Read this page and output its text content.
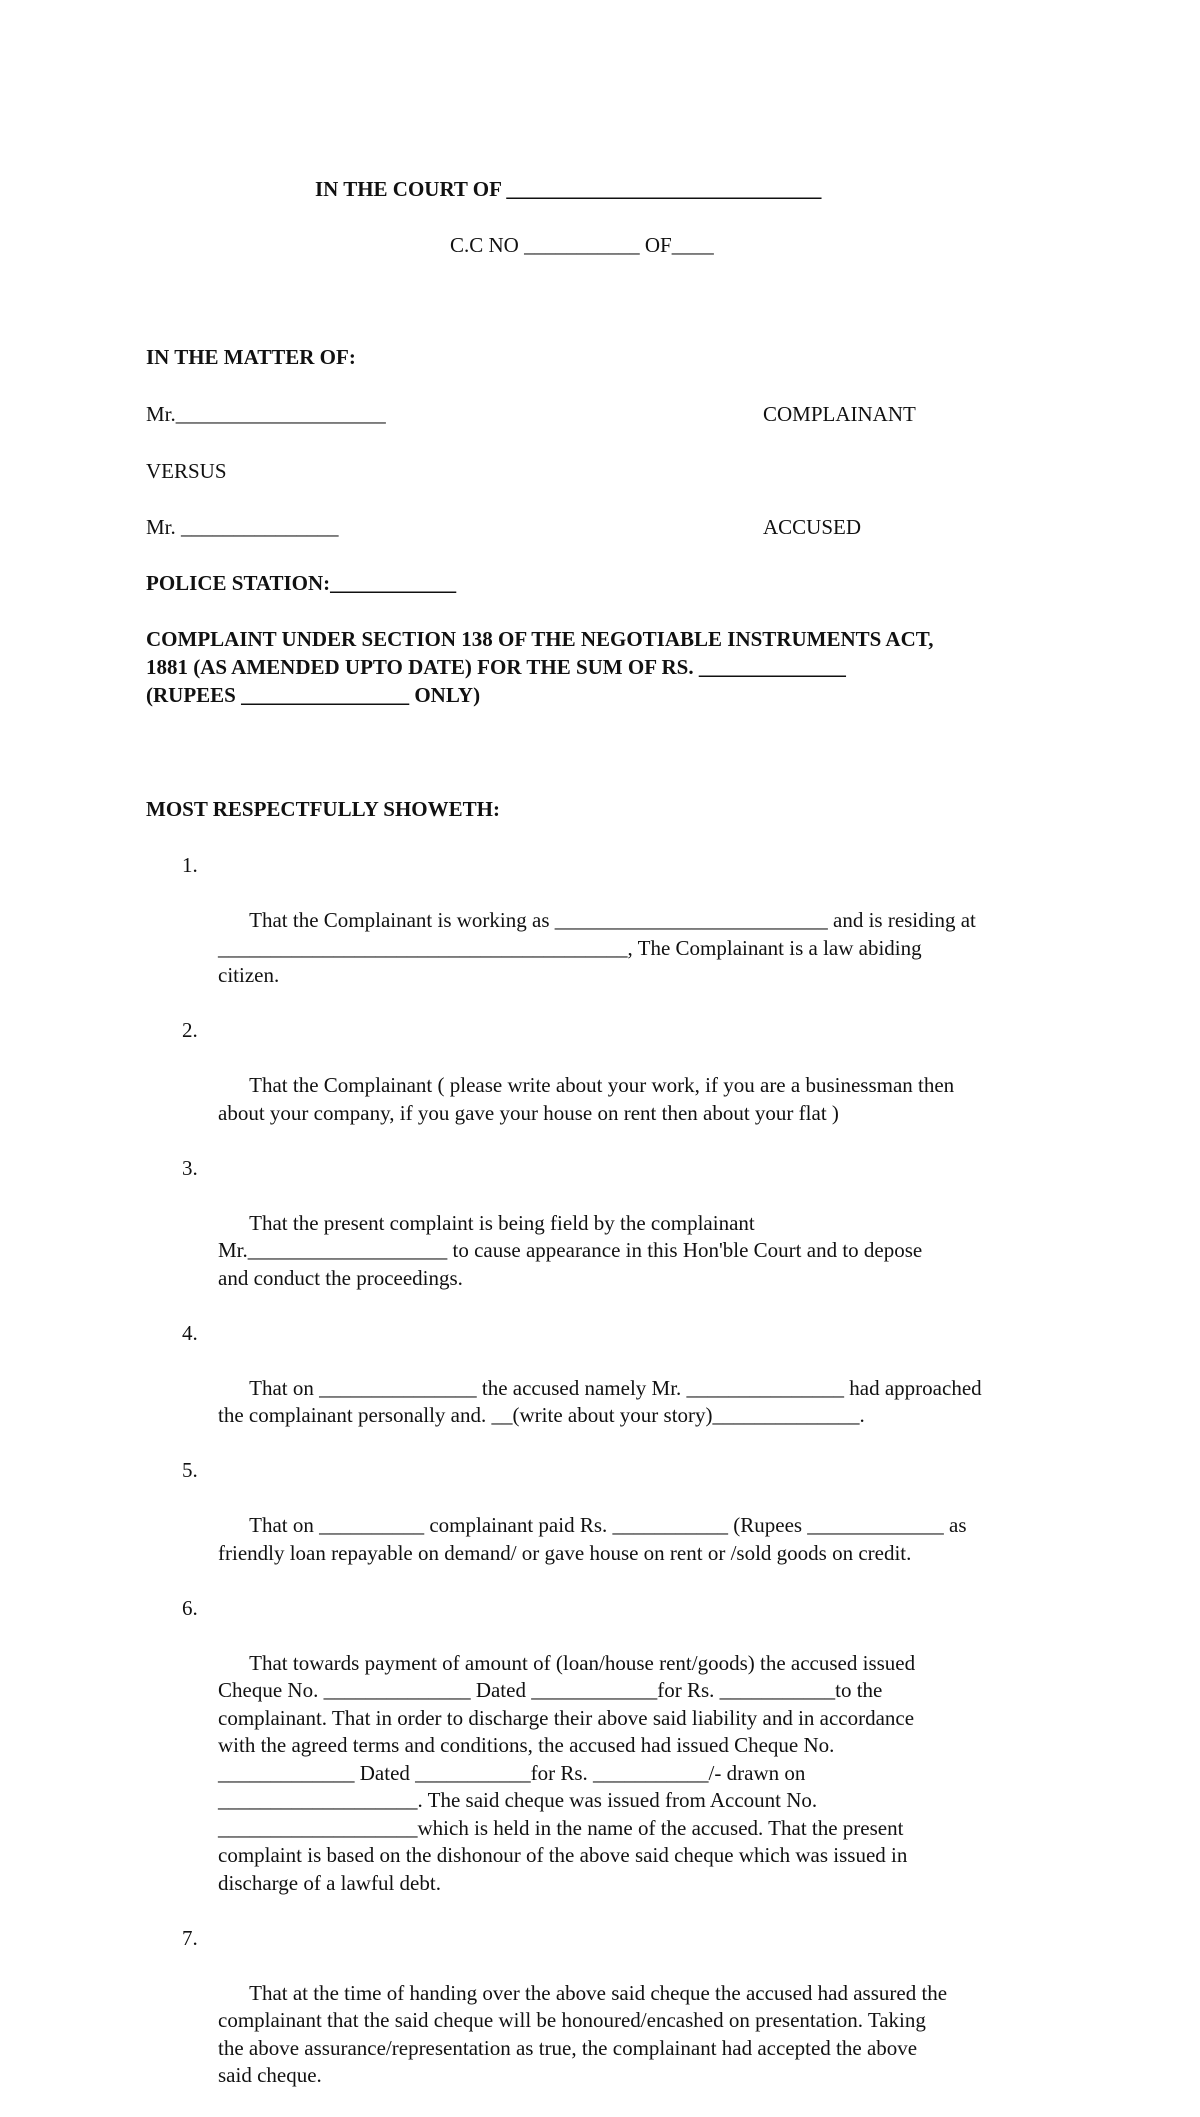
IN THE COURT OF ______________________________
C.C NO ___________ OF____
IN THE MATTER OF:
Mr.____________________	COMPLAINANT
VERSUS
Mr. _______________	ACCUSED
POLICE STATION:____________
COMPLAINT UNDER SECTION 138 OF THE NEGOTIABLE INSTRUMENTS ACT,
1881 (AS AMENDED UPTO DATE) FOR THE SUM OF RS. ______________
(RUPEES ________________ ONLY)
MOST RESPECTFULLY SHOWETH:

1.

That the Complainant is working as __________________________ and is residing at
_______________________________________, The Complainant is a law abiding
citizen.

2.

That the Complainant ( please write about your work, if you are a businessman then
about your company, if you gave your house on rent then about your flat )

3.

That the present complaint is being field by the complainant
Mr.___________________ to cause appearance in this Hon'ble Court and to depose
and conduct the proceedings.

4.

That on _______________ the accused namely Mr. _______________ had approached
the complainant personally and. __(write about your story)______________.

5.

That on __________ complainant paid Rs. ___________ (Rupees _____________ as
friendly loan repayable on demand/ or gave house on rent or /sold goods on credit.

6.

That towards payment of amount of (loan/house rent/goods) the accused issued
Cheque No. ______________ Dated ____________for Rs. ___________to the
complainant. That in order to discharge their above said liability and in accordance
with the agreed terms and conditions, the accused had issued Cheque No.
_____________ Dated ___________for Rs. ___________/- drawn on
___________________. The said cheque was issued from Account No.
___________________which is held in the name of the accused. That the present
complaint is based on the dishonour of the above said cheque which was issued in
discharge of a lawful debt.

7.

That at the time of handing over the above said cheque the accused had assured the
complainant that the said cheque will be honoured/encashed on presentation. Taking
the above assurance/representation as true, the complainant had accepted the above
said cheque.
